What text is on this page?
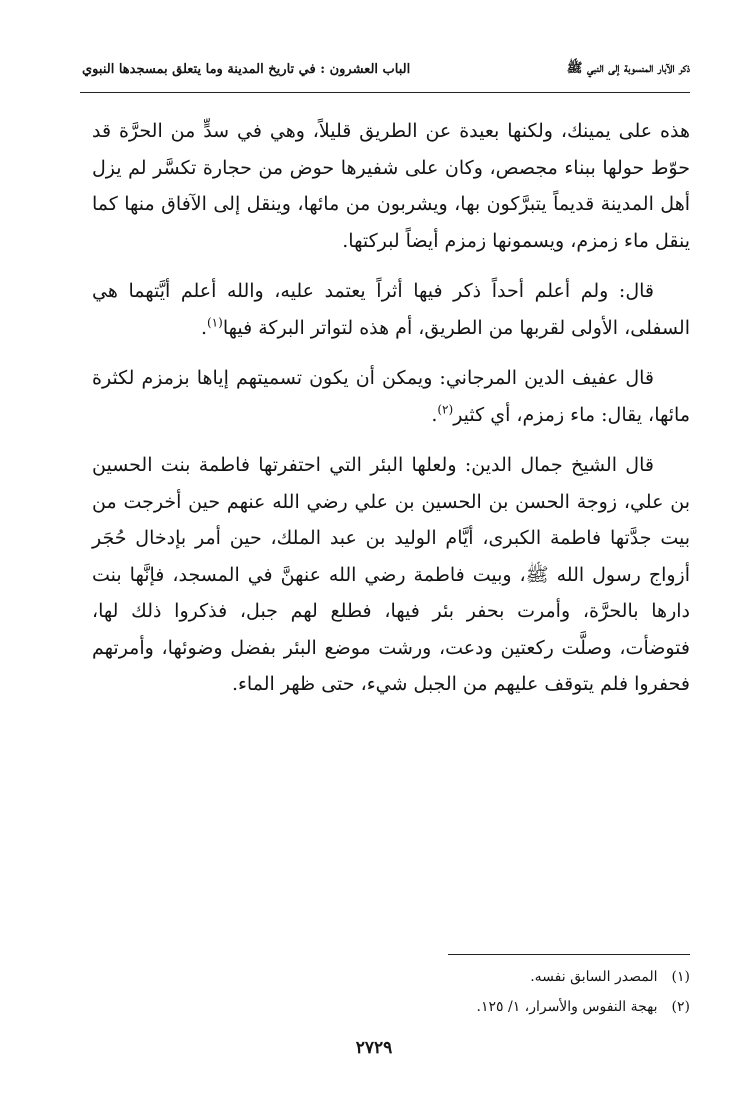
ذكر الآبار المنسوبة إلى النبي ﷺ
الباب العشرون : في تاريخ المدينة وما يتعلق بمسجدها النبوي

هذه على يمينك، ولكنها بعيدة عن الطريق قليلاً، وهي في سدٍّ من الحرَّة قد حوّط حولها ببناء مجصص، وكان على شفيرها حوض من حجارة تكسَّر لم يزل أهل المدينة قديماً يتبرَّكون بها، ويشربون من مائها، وينقل إلى الآفاق منها كما ينقل ماء زمزم، ويسمونها زمزم أيضاً لبركتها.

قال: ولم أعلم أحداً ذكر فيها أثراً يعتمد عليه، والله أعلم أيَّتهما هي السفلى، الأولى لقربها من الطريق، أم هذه لتواتر البركة فيها$^{(١)}$.

قال عفيف الدين المرجاني: ويمكن أن يكون تسميتهم إياها بزمزم لكثرة مائها، يقال: ماء زمزم، أي كثير$^{(٢)}$.

قال الشيخ جمال الدين: ولعلها البئر التي احتفرتها فاطمة بنت الحسين بن علي، زوجة الحسن بن الحسين بن علي رضي الله عنهم حين أخرجت من بيت جدَّتها فاطمة الكبرى، أيَّام الوليد بن عبد الملك، حين أمر بإدخال حُجَر أزواج رسول الله ﷺ، وبيت فاطمة رضي الله عنهنَّ في المسجد، فإنَّها بنت دارها بالحرَّة، وأمرت بحفر بئر فيها، فطلع لهم جبل، فذكروا ذلك لها، فتوضأت، وصلَّت ركعتين ودعت، ورشت موضع البئر بفضل وضوئها، وأمرتهم فحفروا فلم يتوقف عليهم من الجبل شيء، حتى ظهر الماء.

(١)المصدر السابق نفسه.
(٢)بهجة النفوس والأسرار، ١/ ١٢٥.
٢٧٢٩
